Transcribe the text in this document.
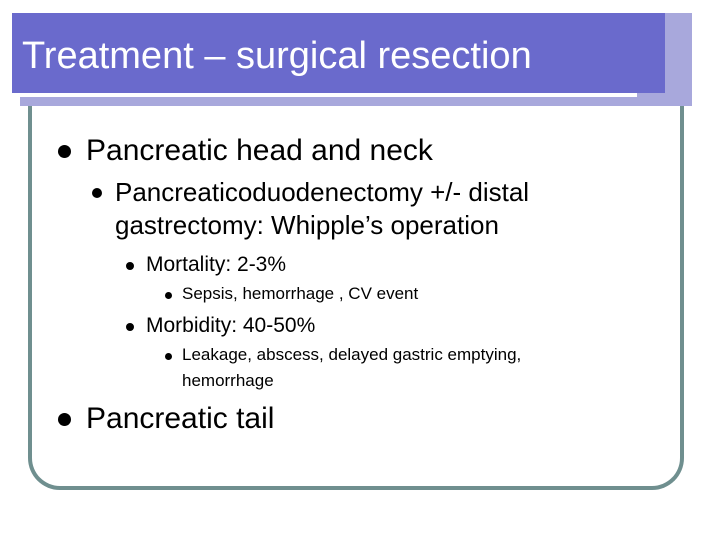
Treatment – surgical resection
Pancreatic head and neck
Pancreaticoduodenectomy +/- distal
gastrectomy: Whipple’s operation
Mortality: 2-3%
Sepsis, hemorrhage , CV event
Morbidity: 40-50%
Leakage, abscess, delayed gastric emptying,
hemorrhage
Pancreatic tail
